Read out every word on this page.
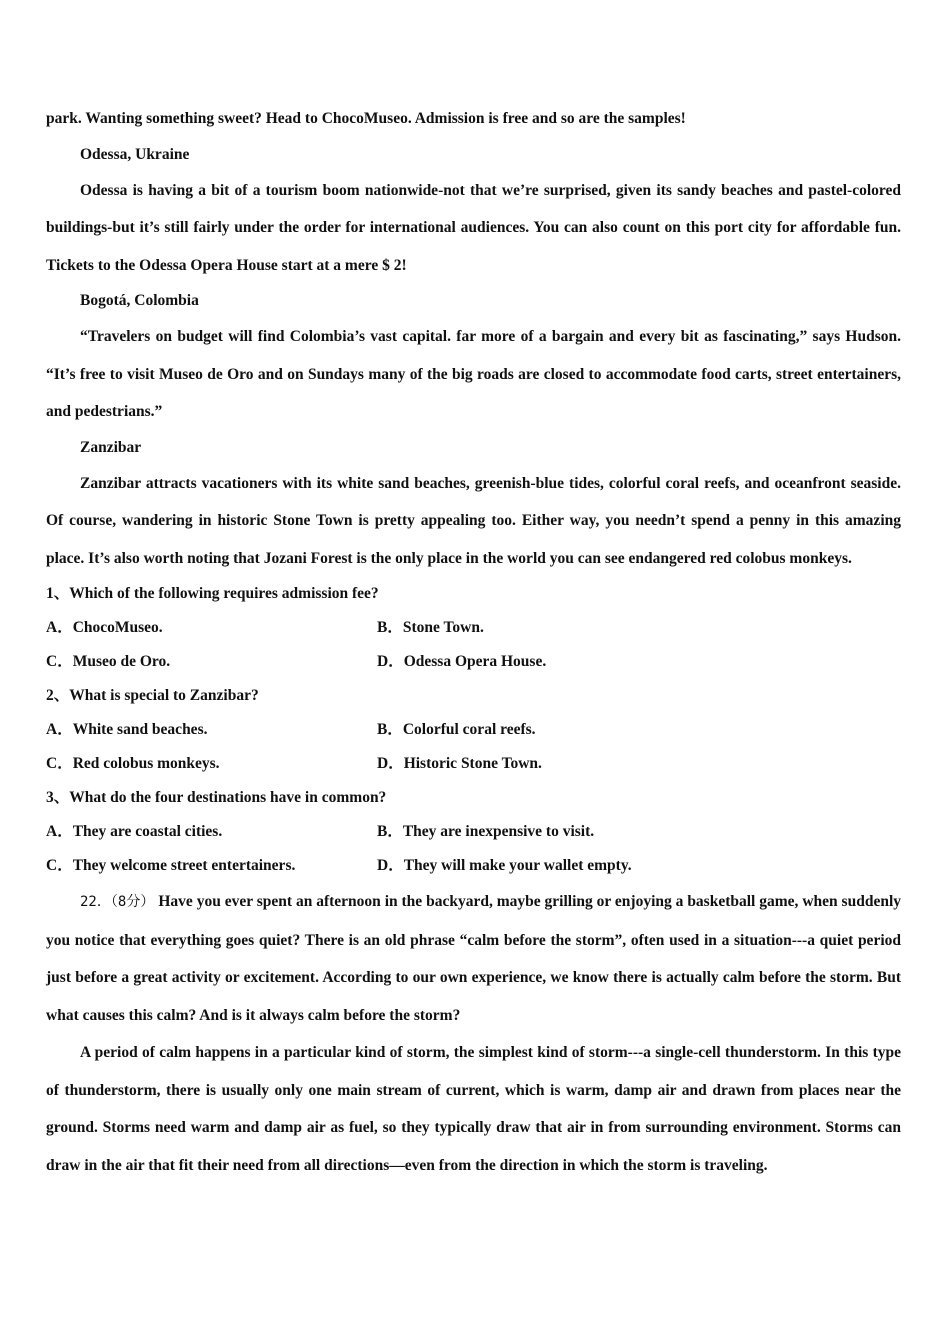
park. Wanting something sweet? Head to ChocoMuseo. Admission is free and so are the samples!

Odessa, Ukraine

Odessa is having a bit of a tourism boom nationwide-not that we’re surprised, given its sandy beaches and pastel-colored buildings-but it’s still fairly under the order for international audiences. You can also count on this port city for affordable fun. Tickets to the Odessa Opera House start at a mere $ 2!

Bogotá, Colombia

“Travelers on budget will find Colombia’s vast capital. far more of a bargain and every bit as fascinating,” says Hudson. “It’s free to visit Museo de Oro and on Sundays many of the big roads are closed to accommodate food carts, street entertainers, and pedestrians.”

Zanzibar

Zanzibar attracts vacationers with its white sand beaches, greenish-blue tides, colorful coral reefs, and oceanfront seaside. Of course, wandering in historic Stone Town is pretty appealing too. Either way, you needn’t spend a penny in this amazing place. It’s also worth noting that Jozani Forest is the only place in the world you can see endangered red colobus monkeys.

1、Which of the following requires admission fee?

A．ChocoMuseo.	B．Stone Town.
C．Museo de Oro.	D．Odessa Opera House.

2、What is special to Zanzibar?

A．White sand beaches.	B．Colorful coral reefs.
C．Red colobus monkeys.	D．Historic Stone Town.

3、What do the four destinations have in common?

A．They are coastal cities.	B．They are inexpensive to visit.
C．They welcome street entertainers.	D．They will make your wallet empty.

22．（8分） Have you ever spent an afternoon in the backyard, maybe grilling or enjoying a basketball game, when suddenly you notice that everything goes quiet? There is an old phrase “calm before the storm”, often used in a situation---a quiet period just before a great activity or excitement. According to our own experience, we know there is actually calm before the storm. But what causes this calm? And is it always calm before the storm?

A period of calm happens in a particular kind of storm, the simplest kind of storm---a single-cell thunderstorm. In this type of thunderstorm, there is usually only one main stream of current, which is warm, damp air and drawn from places near the ground. Storms need warm and damp air as fuel, so they typically draw that air in from surrounding environment. Storms can draw in the air that fit their need from all directions—even from the direction in which the storm is traveling.
